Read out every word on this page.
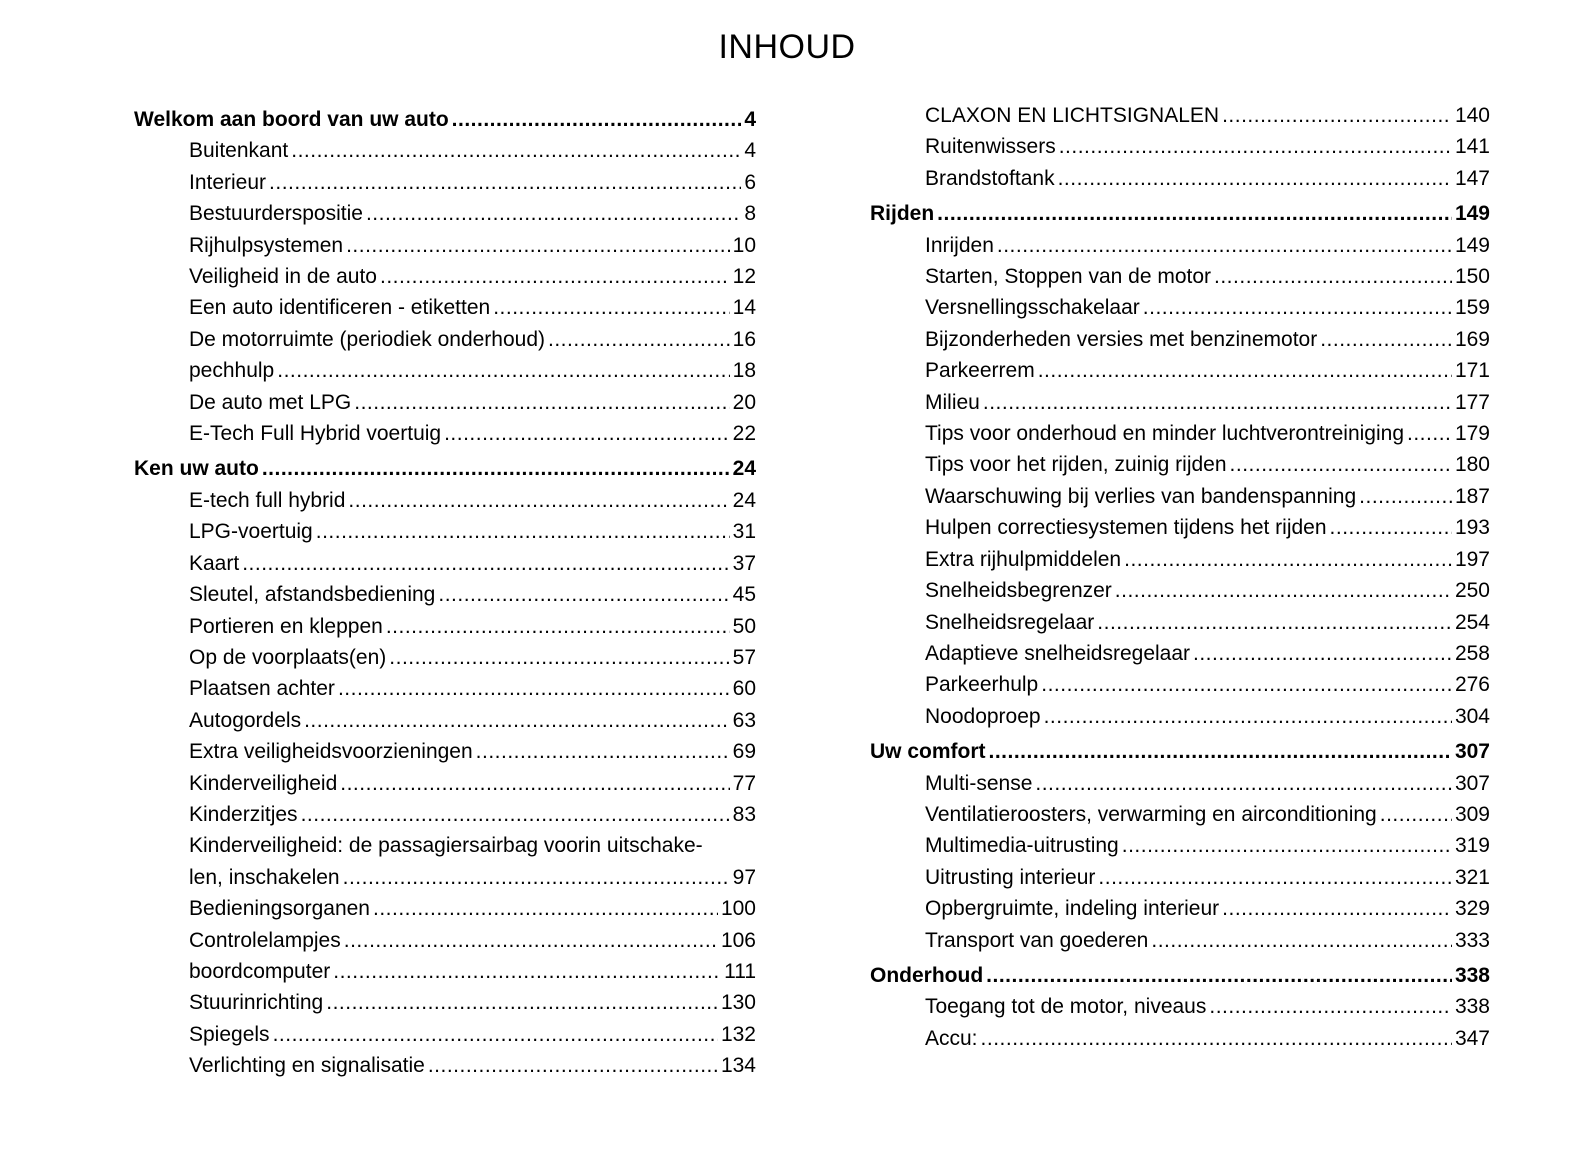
INHOUD
Welkom aan boord van uw auto .....	4
Buitenkant .....	4
Interieur .....	6
Bestuurderspositie .....	8
Rijhulpsystemen .....	10
Veiligheid in de auto .....	12
Een auto identificeren - etiketten .....	14
De motorruimte (periodiek onderhoud) .....	16
pechhulp .....	18
De auto met LPG .....	20
E-Tech Full Hybrid voertuig .....	22
Ken uw auto .....	24
E-tech full hybrid .....	24
LPG-voertuig .....	31
Kaart .....	37
Sleutel, afstandsbediening .....	45
Portieren en kleppen .....	50
Op de voorplaats(en) .....	57
Plaatsen achter .....	60
Autogordels .....	63
Extra veiligheidsvoorzieningen .....	69
Kinderveiligheid .....	77
Kinderzitjes .....	83
Kinderveiligheid: de passagiersairbag voorin uitschake-
len, inschakelen .....	97
Bedieningsorganen .....	100
Controlelampjes .....	106
boordcomputer .....	111
Stuurinrichting .....	130
Spiegels .....	132
Verlichting en signalisatie .....	134
CLAXON EN LICHTSIGNALEN .....	140
Ruitenwissers .....	141
Brandstoftank .....	147
Rijden .....	149
Inrijden .....	149
Starten, Stoppen van de motor .....	150
Versnellingsschakelaar .....	159
Bijzonderheden versies met benzinemotor .....	169
Parkeerrem .....	171
Milieu .....	177
Tips voor onderhoud en minder luchtverontreiniging ..... 179
Tips voor het rijden, zuinig rijden .....	180
Waarschuwing bij verlies van bandenspanning .....	187
Hulpen correctiesystemen tijdens het rijden .....	193
Extra rijhulpmiddelen .....	197
Snelheidsbegrenzer .....	250
Snelheidsregelaar .....	254
Adaptieve snelheidsregelaar .....	258
Parkeerhulp .....	276
Noodoproep .....	304
Uw comfort .....	307
Multi-sense .....	307
Ventilatieroosters, verwarming en airconditioning .....	309
Multimedia-uitrusting .....	319
Uitrusting interieur .....	321
Opbergruimte, indeling interieur .....	329
Transport van goederen .....	333
Onderhoud .....	338
Toegang tot de motor, niveaus .....	338
Accu: .....	347
